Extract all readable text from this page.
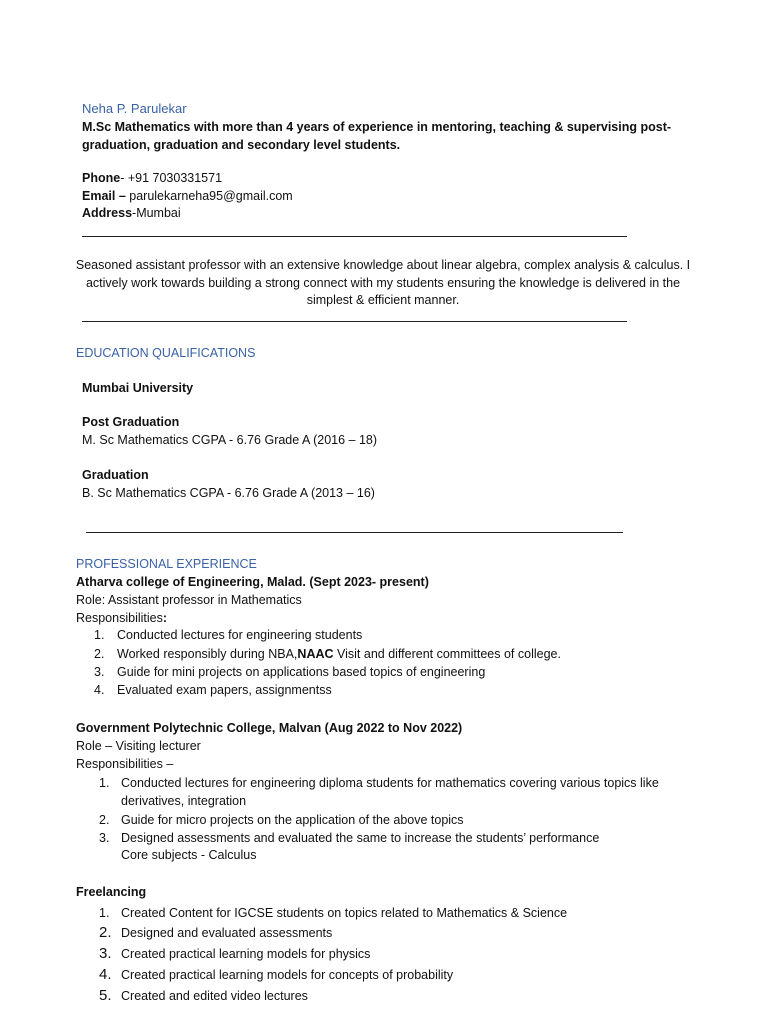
Neha P. Parulekar
M.Sc Mathematics with more than 4 years of experience in mentoring, teaching & supervising post-graduation, graduation and secondary level students.
Phone- +91 7030331571
Email – parulekarneha95@gmail.com
Address-Mumbai
Seasoned assistant professor with an extensive knowledge about linear algebra, complex analysis & calculus. I actively work towards building a strong connect with my students ensuring the knowledge is delivered in the simplest & efficient manner.
EDUCATION QUALIFICATIONS
Mumbai University
Post Graduation
M. Sc Mathematics CGPA - 6.76 Grade A (2016 – 18)
Graduation
B. Sc Mathematics CGPA - 6.76 Grade A (2013 – 16)
PROFESSIONAL EXPERIENCE
Atharva college of Engineering, Malad. (Sept 2023- present)
Role: Assistant professor in Mathematics
Responsibilities:
1. Conducted lectures for engineering students
2. Worked responsibly during NBA,NAAC Visit and different committees of college.
3. Guide for mini projects on applications based topics of engineering
4. Evaluated exam papers, assignmentss
Government Polytechnic College, Malvan (Aug 2022 to Nov 2022)
Role – Visiting lecturer
Responsibilities –
1. Conducted lectures for engineering diploma students for mathematics covering various topics like
derivatives, integration
2. Guide for micro projects on the application of the above topics
3. Designed assessments and evaluated the same to increase the students’ performance
Core subjects - Calculus
Freelancing
1. Created Content for IGCSE students on topics related to Mathematics & Science
2. Designed and evaluated assessments
3. Created practical learning models for physics
4. Created practical learning models for concepts of probability
5. Created and edited video lectures
